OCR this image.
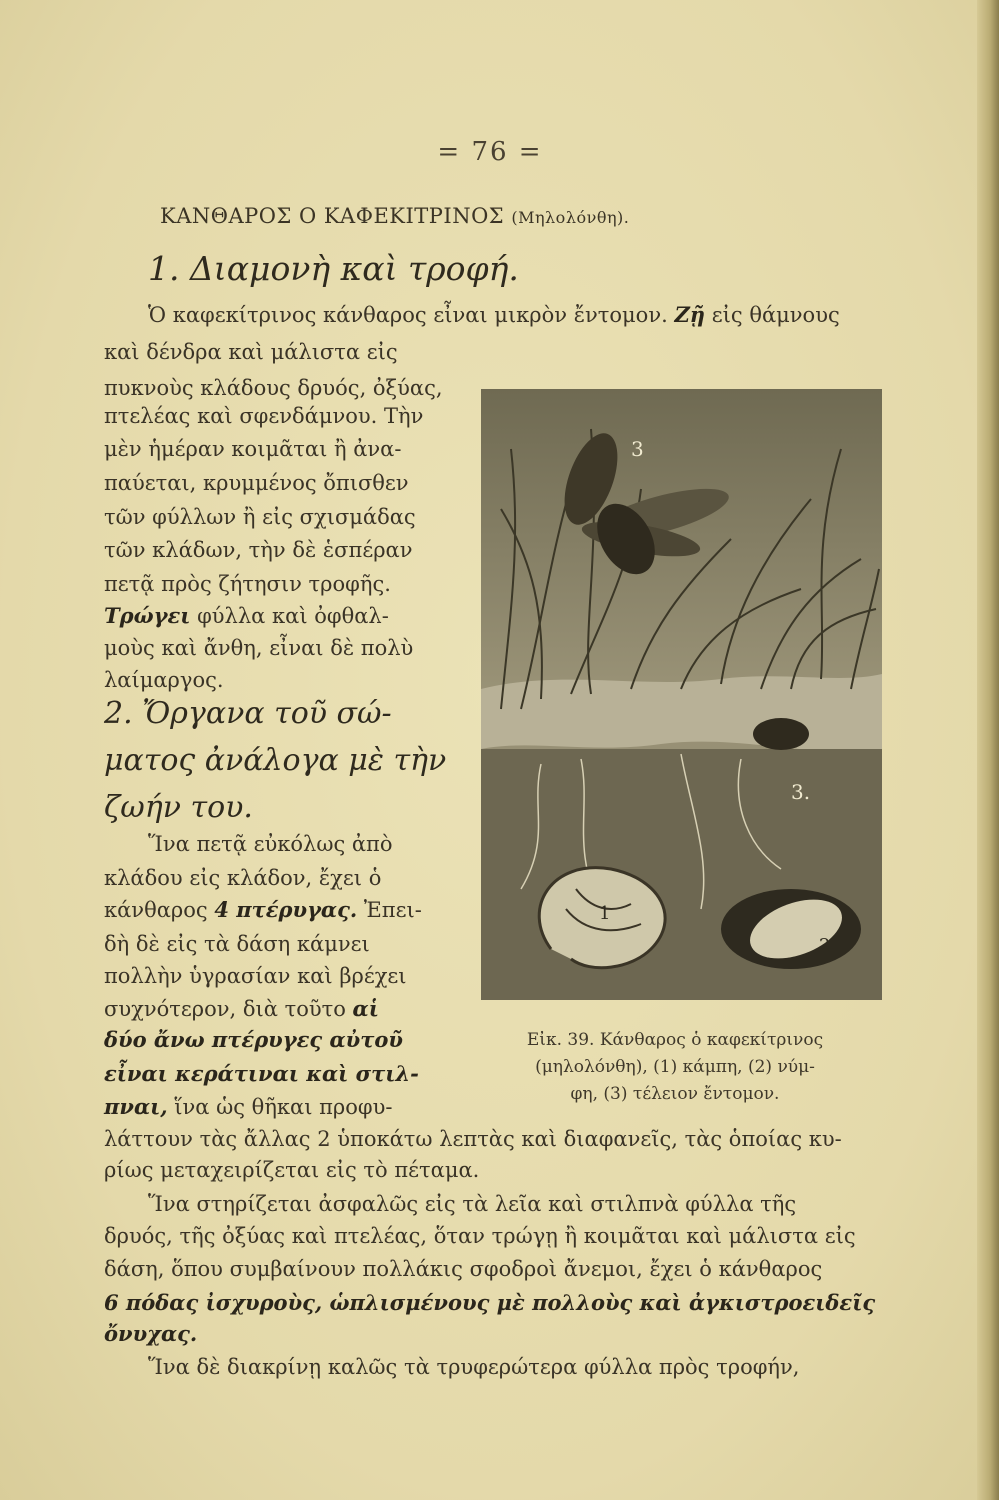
= 76 =
ΚΑΝΘΑΡΟΣ Ο ΚΑΦΕΚΙΤΡΙΝΟΣ (Μηλολόνθη).
1. Διαμονὴ καὶ τροφή.
Ὁ καφεκίτρινος κάνθαρος εἶναι μικρὸν ἔντομον. Ζῇ εἰς θάμνους
καὶ δένδρα καὶ μάλιστα εἰς
πυκνοὺς κλάδους δρυός, ὀξύας,
πτελέας καὶ σφενδάμνου. Τὴν
μὲν ἡμέραν κοιμᾶται ἢ ἀνα-
παύεται, κρυμμένος ὄπισθεν
τῶν φύλλων ἢ εἰς σχισμάδας
τῶν κλάδων, τὴν δὲ ἑσπέραν
πετᾷ πρὸς ζήτησιν τροφῆς.
Τρώγει φύλλα καὶ ὀφθαλ-
μοὺς καὶ ἄνθη, εἶναι δὲ πολὺ
λαίμαργος.
2. Ὄργανα τοῦ σώ-
ματος ἀνάλογα μὲ τὴν
ζωήν του.
Ἵνα πετᾷ εὐκόλως ἀπὸ
κλάδου εἰς κλάδον, ἔχει ὁ
κάνθαρος 4 πτέρυγας. Ἐπει-
δὴ δὲ εἰς τὰ δάση κάμνει
πολλὴν ὑγρασίαν καὶ βρέχει
συχνότερον, διὰ τοῦτο αἱ
δύο ἄνω πτέρυγες αὐτοῦ
εἶναι κεράτιναι καὶ στιλ-
πναι, ἵνα ὡς θῆκαι προφυ-
λάττουν τὰς ἄλλας 2 ὑποκάτω λεπτὰς καὶ διαφανεῖς, τὰς ὁποίας κυ-
ρίως μεταχειρίζεται εἰς τὸ πέταμα.
Ἵνα στηρίζεται ἀσφαλῶς εἰς τὰ λεῖα καὶ στιλπνὰ φύλλα τῆς
δρυός, τῆς ὀξύας καὶ πτελέας, ὅταν τρώγῃ ἢ κοιμᾶται καὶ μάλιστα εἰς
δάση, ὅπου συμβαίνουν πολλάκις σφοδροὶ ἄνεμοι, ἔχει ὁ κάνθαρος
6 πόδας ἰσχυροὺς, ὡπλισμένους μὲ πολλοὺς καὶ ἀγκιστροειδεῖς
ὄνυχας.
Ἵνα δὲ διακρίνῃ καλῶς τὰ τρυφερώτερα φύλλα πρὸς τροφήν,
3
3.
2
1
Εἰκ. 39. Κάνθαρος ὁ καφεκίτρινος
(μηλολόνθη), (1) κάμπη, (2) νύμ-
φη, (3) τέλειον ἔντομον.
